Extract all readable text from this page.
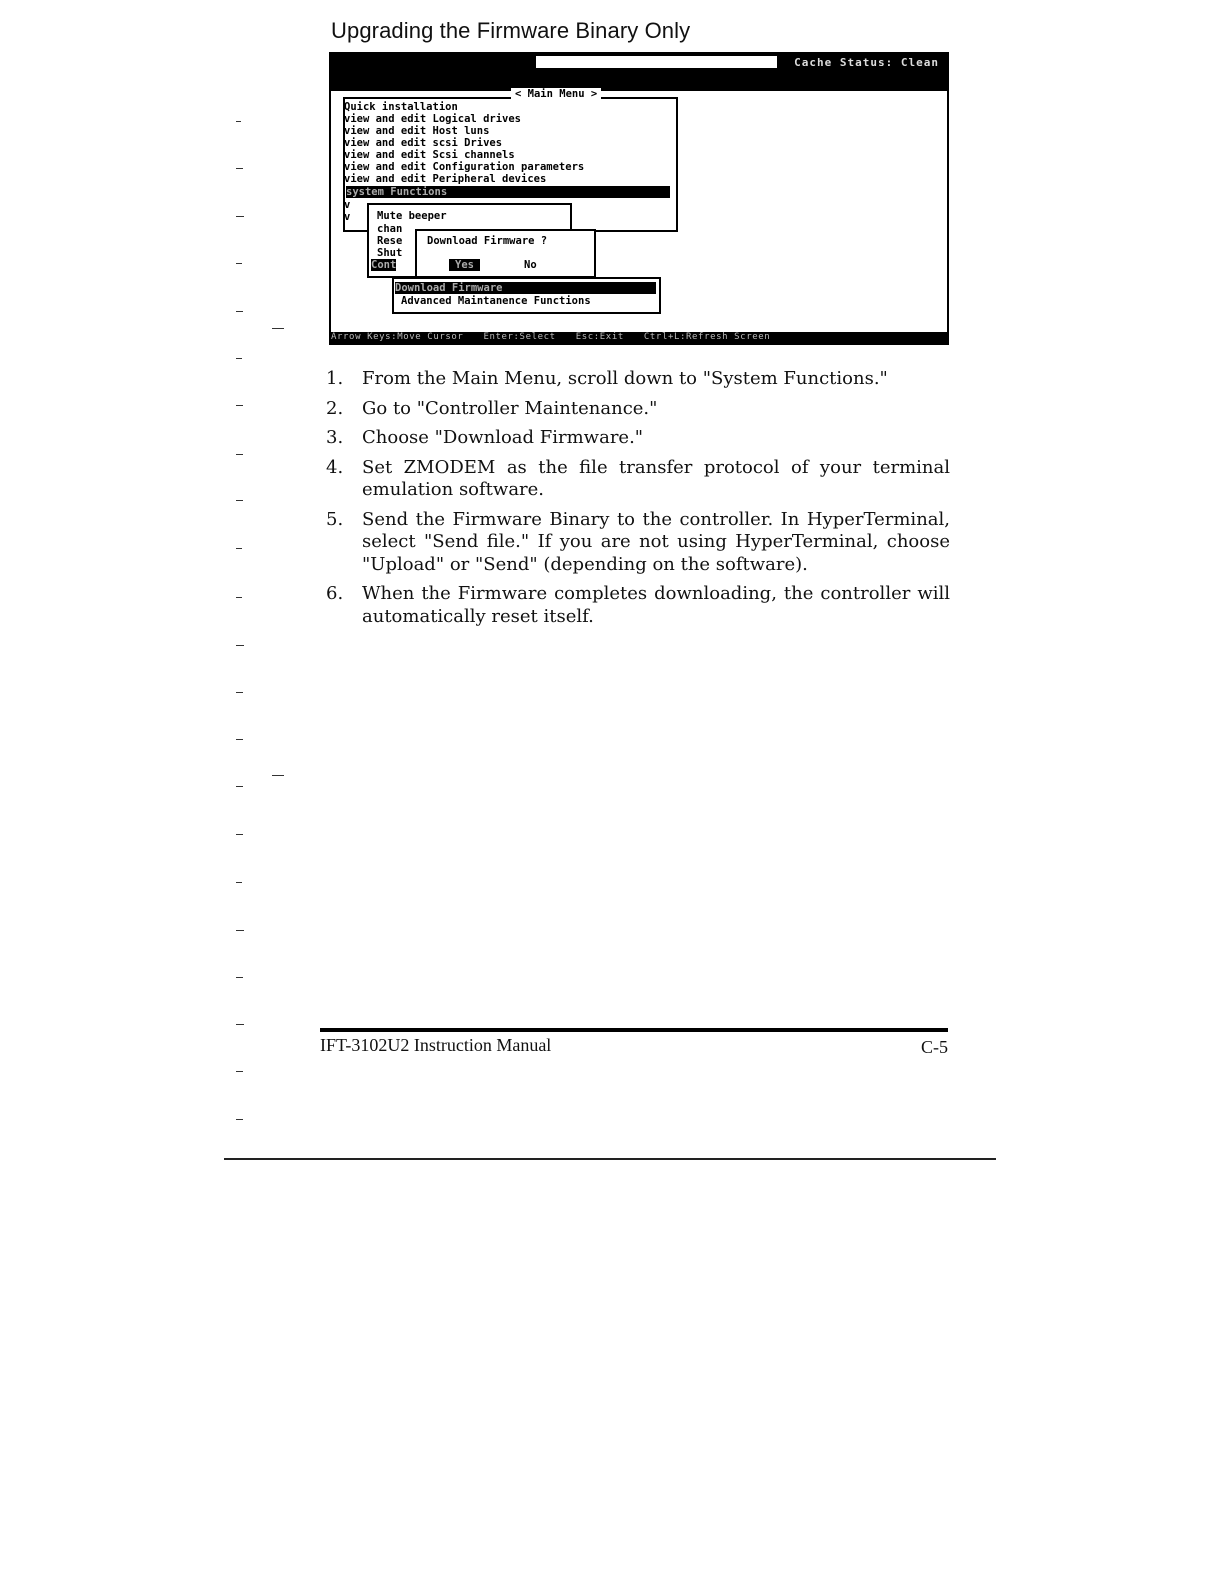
Upgrading the Firmware Binary Only
Cache Status: Clean
< Main Menu >
Quick installation
view and edit Logical drives
view and edit Host luns
view and edit scsi Drives
view and edit Scsi channels
view and edit Configuration parameters
view and edit Peripheral devices
system Functions
v
v	Mute beeper
chan
Rese
Shut
Cont
Download Firmware ?
Yes	No
Download Firmware
Advanced Maintanence Functions
Arrow Keys:Move Cursor Enter:Select Esc:Exit Ctrl+L:Refresh Screen
1. From the Main Menu, scroll down to "System Functions."
2. Go to "Controller Maintenance."
3. Choose "Download Firmware."
4. Set ZMODEM as the file transfer protocol of your terminal emulation software.
5. Send the Firmware Binary to the controller. In HyperTerminal, select "Send file." If you are not using HyperTerminal, choose "Upload" or "Send" (depending on the software).
6. When the Firmware completes downloading, the controller will automatically reset itself.
IFT-3102U2 Instruction Manual	C-5
